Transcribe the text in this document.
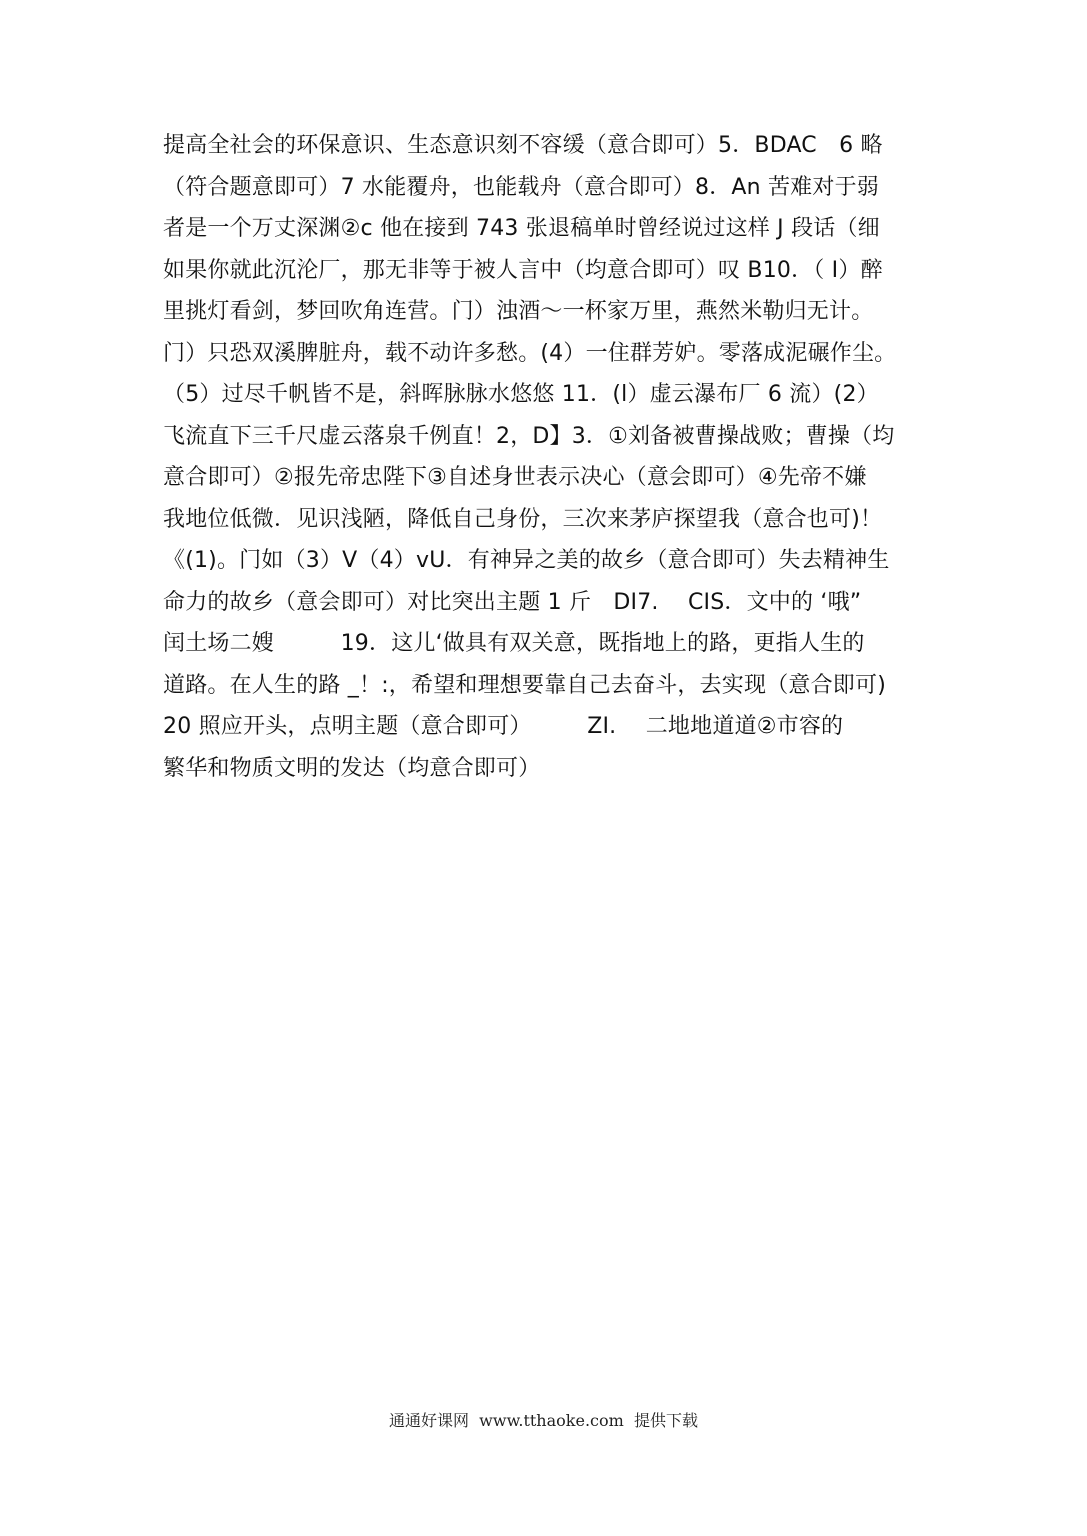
提高全社会的环保意识、生态意识刻不容缓（意合即可）5．BDAC　6 略
（符合题意即可）7 水能覆舟，也能载舟（意合即可）8．An 苦难对于弱
者是一个万丈深渊②c 他在接到 743 张退稿单时曾经说过这样 J 段话（细
如果你就此沉沦厂，那无非等于被人言中（均意合即可）叹 B10．（ I）醉
里挑灯看剑，梦回吹角连营。门）浊酒～一杯家万里，燕然米勒归无计。
门）只恐双溪脾脏舟，载不动许多愁。(4）一住群芳妒。零落成泥碾作尘。
（5）过尽千帆皆不是，斜晖脉脉水悠悠 11．(l）虚云瀑布厂 6 流）(2）
飞流直下三千尺虚云落泉千例直！2，D】3．①刘备被曹操战败；曹操（均
意合即可）②报先帝忠陛下③自述身世表示决心（意会即可）④先帝不嫌
我地位低微．见识浅陋，降低自己身份，三次来茅庐探望我（意合也可)！
《(1)。门如（3）V（4）vU．有神异之美的故乡（意合即可）失去精神生
命力的故乡（意会即可）对比突出主题 1 斤　DI7.　 CIS．文中的 ‘哦”
闰土场二嫂　　　19．这儿‘做具有双关意，既指地上的路，更指人生的
道路。在人生的路 _！:，希望和理想要靠自己去奋斗，去实现（意合即可)
20 照应开头，点明主题（意合即可）　　　ZI.　 二地地道道②市容的
繁华和物质文明的发达（均意合即可）
通通好课网  www.tthaoke.com  提供下载
